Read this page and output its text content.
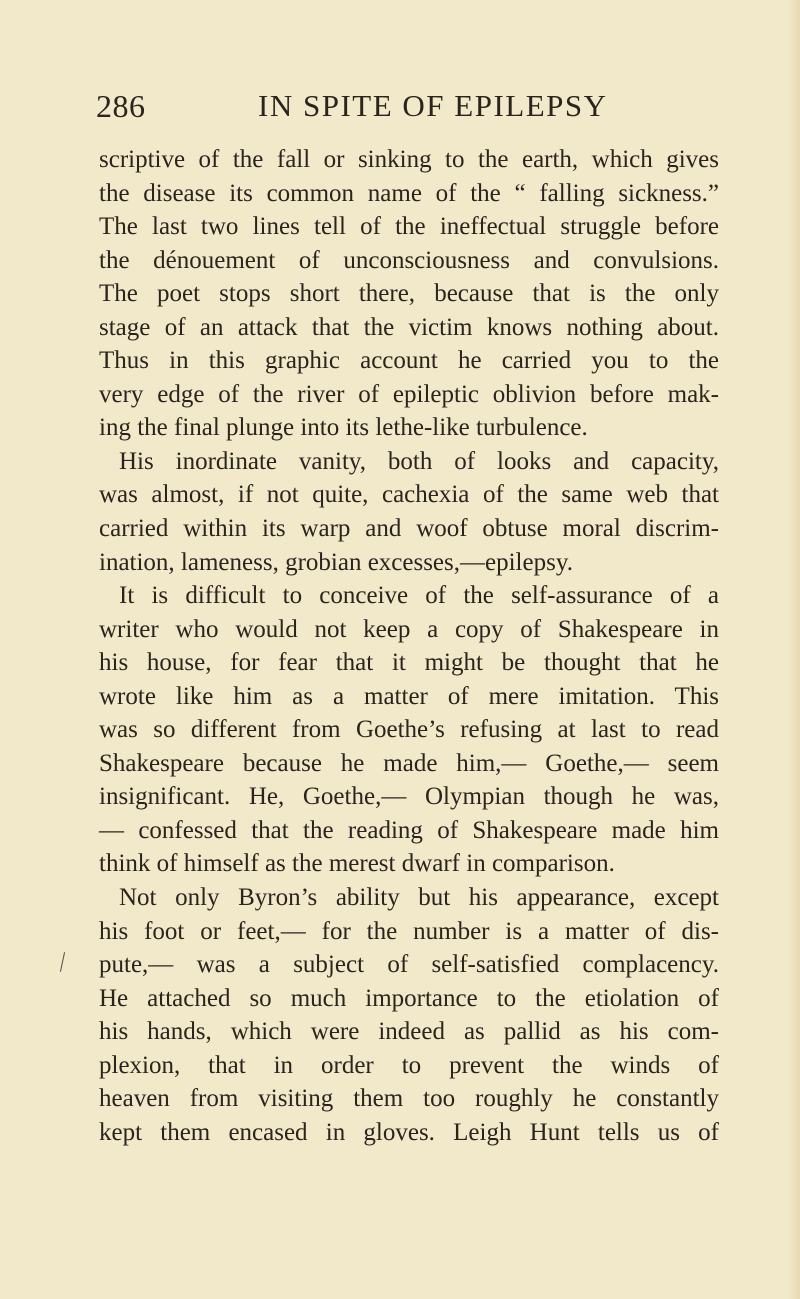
286	IN SPITE OF EPILEPSY
scriptive of the fall or sinking to the earth, which gives
the disease its common name of the “ falling sickness.”
The last two lines tell of the ineffectual struggle before
the dénouement of unconsciousness and convulsions.
The poet stops short there, because that is the only
stage of an attack that the victim knows nothing about.
Thus in this graphic account he carried you to the
very edge of the river of epileptic oblivion before mak-
ing the final plunge into its lethe-like turbulence.
His inordinate vanity, both of looks and capacity,
was almost, if not quite, cachexia of the same web that
carried within its warp and woof obtuse moral discrim-
ination, lameness, grobian excesses,—epilepsy.
It is difficult to conceive of the self-assurance of a
writer who would not keep a copy of Shakespeare in
his house, for fear that it might be thought that he
wrote like him as a matter of mere imitation. This
was so different from Goethe’s refusing at last to read
Shakespeare because he made him,— Goethe,— seem
insignificant. He, Goethe,— Olympian though he was,
— confessed that the reading of Shakespeare made him
think of himself as the merest dwarf in comparison.
Not only Byron’s ability but his appearance, except
his foot or feet,— for the number is a matter of dis-
pute,— was a subject of self-satisfied complacency.
He attached so much importance to the etiolation of
his hands, which were indeed as pallid as his com-
plexion, that in order to prevent the winds of
heaven from visiting them too roughly he constantly
kept them encased in gloves. Leigh Hunt tells us of
